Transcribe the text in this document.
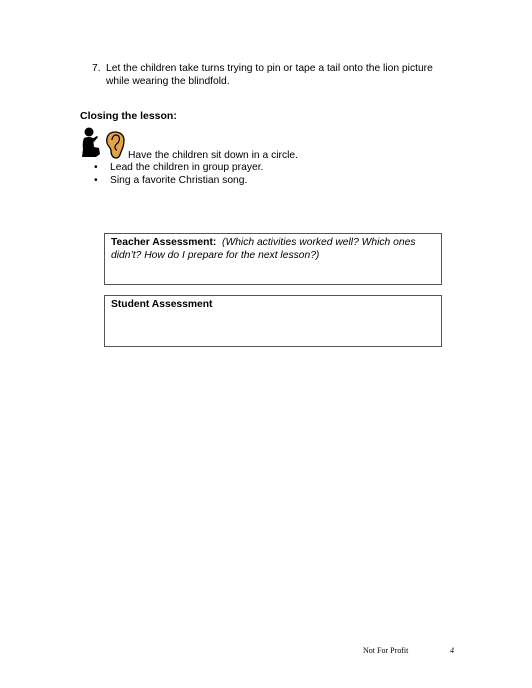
7. Let the children take turns trying to pin or tape a tail onto the lion picture while wearing the blindfold.
Closing the lesson:
Have the children sit down in a circle.
• Lead the children in group prayer.
• Sing a favorite Christian song.
Teacher Assessment: (Which activities worked well? Which ones didn’t? How do I prepare for the next lesson?)
Student Assessment
Not For Profit	4
